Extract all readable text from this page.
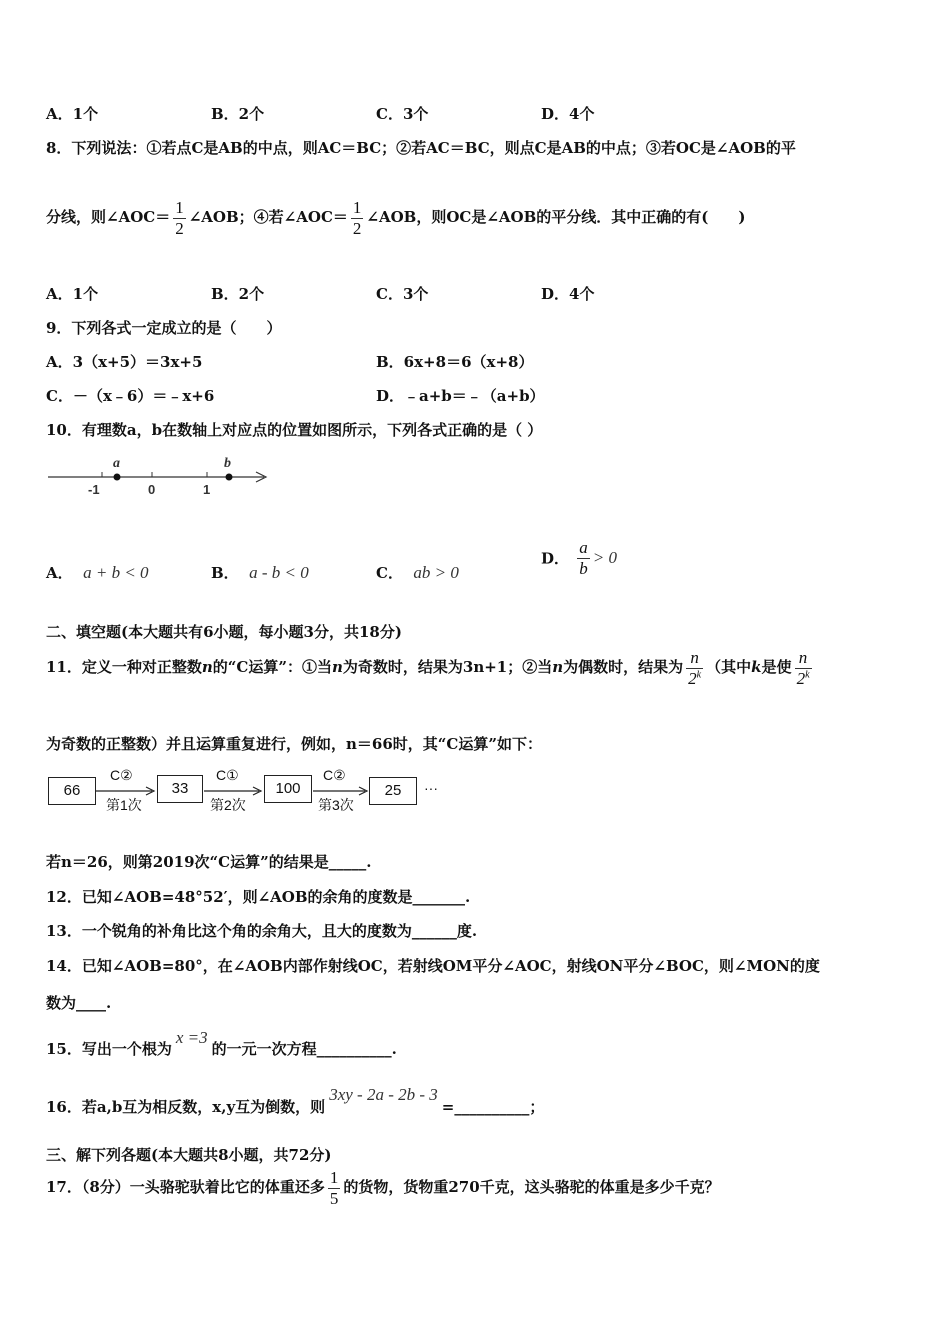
A．1个	B．2个	C．3个	D．4个
8．下列说法：①若点C是AB的中点，则AC＝BC；②若AC＝BC，则点C是AB的中点；③若OC是∠AOB的平
分线，则∠AOC＝ $\frac{1}{2}$ ∠AOB；④若∠AOC＝ $\frac{1}{2}$ ∠AOB，则OC是∠AOB的平分线．其中正确的有(　　)
A．1个	B．2个	C．3个	D．4个
9．下列各式一定成立的是（　　）
A．3（x+5）＝3x+5	B．6x+8＝6（x+8）
C．－（x﹣6）＝﹣x+6	D．﹣a+b＝﹣（a+b）
10．有理数a，b在数轴上对应点的位置如图所示，下列各式正确的是（ ）
a	b
-1	0	1
A． a + b < 0	B． a - b < 0	C． ab > 0
D． $\frac{a}{b} > 0$
二、填空题(本大题共有6小题，每小题3分，共18分)
11．定义一种对正整数n的“C运算”：①当n为奇数时，结果为3n+1；②当n为偶数时，结果为 $\frac{n}{2^k}$ （其中k是使 $\frac{n}{2^k}$
为奇数的正整数）并且运算重复进行，例如，n＝66时，其“C运算”如下：
66	33	100	25
C②	C①	C②
第1次	第2次	第3次
···
若n＝26，则第2019次“C运算”的结果是_____.
12．已知∠AOB=48°52′，则∠AOB的余角的度数是_______.
13．一个锐角的补角比这个角的余角大，且大的度数为______度.
14．已知∠AOB=80°，在∠AOB内部作射线OC，若射线OM平分∠AOC，射线ON平分∠BOC，则∠MON的度
数为____.
15．写出一个根为x =3的一元一次方程__________.
16．若a,b互为相反数，x,y互为倒数，则3xy - 2a - 2b - 3=__________；
三、解下列各题(本大题共8小题，共72分)
17．（8分）一头骆驼驮着比它的体重还多 $\frac{1}{5}$ 的货物，货物重270千克，这头骆驼的体重是多少千克？
